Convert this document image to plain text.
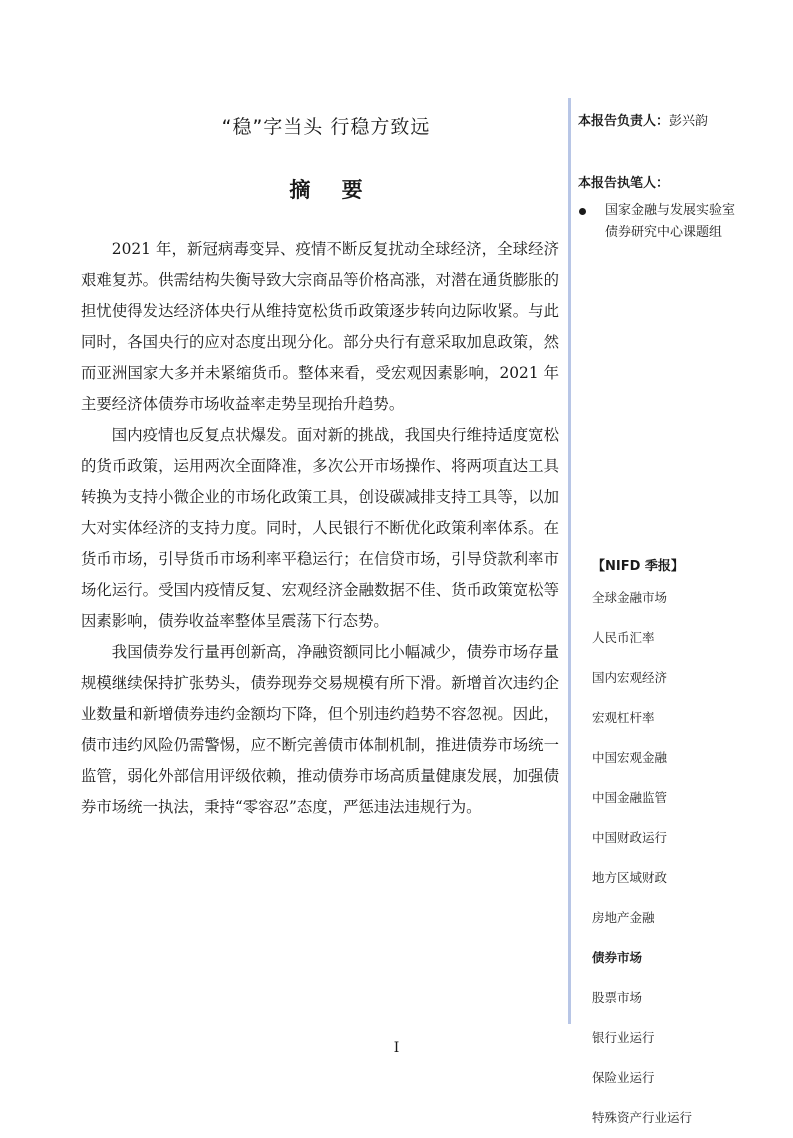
“稳”字当头 行稳方致远
摘 要

2021 年，新冠病毒变异、疫情不断反复扰动全球经济，全球经济艰难复苏。供需结构失衡导致大宗商品等价格高涨，对潜在通货膨胀的担忧使得发达经济体央行从维持宽松货币政策逐步转向边际收紧。与此同时，各国央行的应对态度出现分化。部分央行有意采取加息政策，然而亚洲国家大多并未紧缩货币。整体来看，受宏观因素影响，2021 年主要经济体债券市场收益率走势呈现抬升趋势。

国内疫情也反复点状爆发。面对新的挑战，我国央行维持适度宽松的货币政策，运用两次全面降准，多次公开市场操作、将两项直达工具转换为支持小微企业的市场化政策工具，创设碳减排支持工具等，以加大对实体经济的支持力度。同时，人民银行不断优化政策利率体系。在货币市场，引导货币市场利率平稳运行；在信贷市场，引导贷款利率市场化运行。受国内疫情反复、宏观经济金融数据不佳、货币政策宽松等因素影响，债券收益率整体呈震荡下行态势。

我国债券发行量再创新高，净融资额同比小幅减少，债券市场存量规模继续保持扩张势头，债券现券交易规模有所下滑。新增首次违约企业数量和新增债券违约金额均下降，但个别违约趋势不容忽视。因此，债市违约风险仍需警惕，应不断完善债市体制机制，推进债券市场统一监管，弱化外部信用评级依赖，推动债券市场高质量健康发展，加强债券市场统一执法，秉持“零容忍”态度，严惩违法违规行为。

本报告负责人：彭兴韵
本报告执笔人：
国家金融与发展实验室债券研究中心课题组
【NIFD 季报】
全球金融市场
人民币汇率
国内宏观经济
宏观杠杆率
中国宏观金融
中国金融监管
中国财政运行
地方区域财政
房地产金融
债券市场
股票市场
银行业运行
保险业运行
特殊资产行业运行
I
